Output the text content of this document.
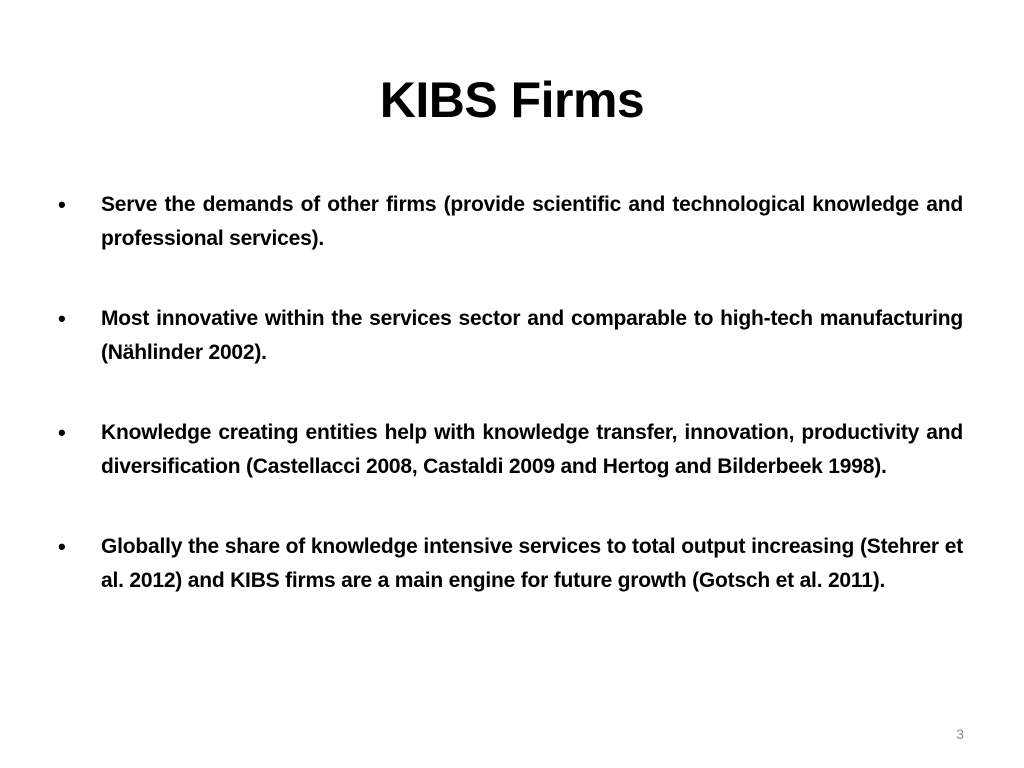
KIBS Firms
• Serve the demands of other firms (provide scientific and technological knowledge and professional services).
• Most innovative within the services sector and comparable to high-tech manufacturing (Nählinder 2002).
• Knowledge creating entities help with knowledge transfer, innovation, productivity and diversification (Castellacci 2008, Castaldi 2009 and Hertog and Bilderbeek 1998).
• Globally the share of knowledge intensive services to total output increasing (Stehrer et al. 2012) and KIBS firms are a main engine for future growth (Gotsch et al. 2011).
3
